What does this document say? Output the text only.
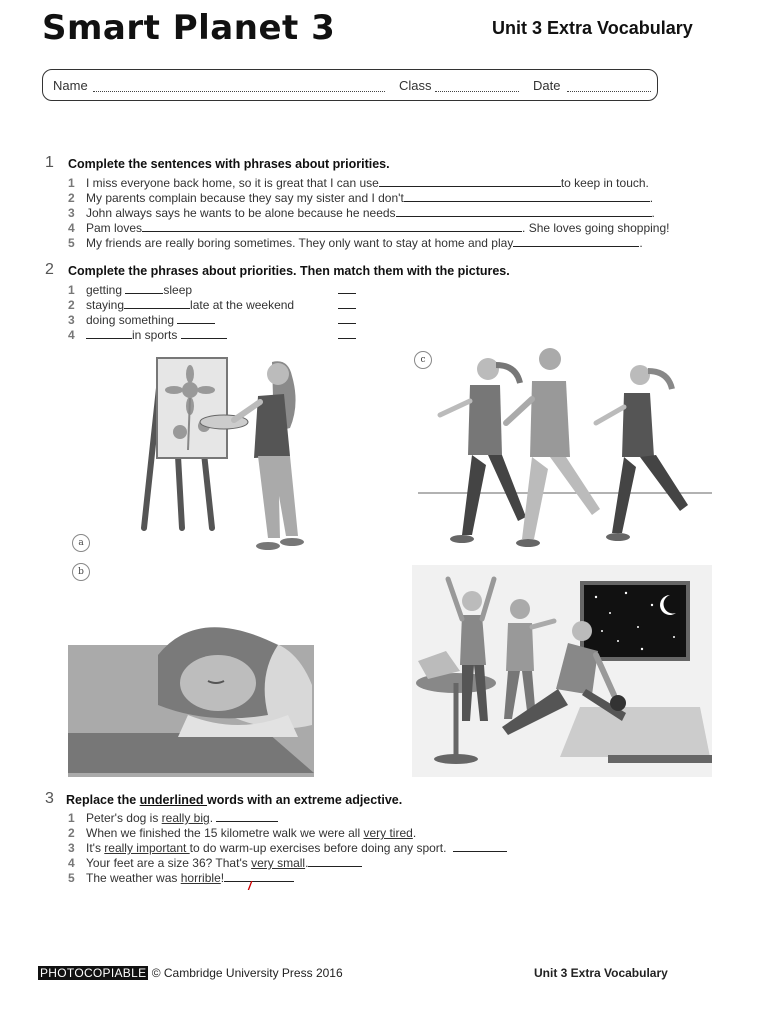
Smart Planet 3	Unit 3 Extra Vocabulary
Name	Class	Date
1 Complete the sentences with phrases about priorities.
1 I miss everyone back home, so it is great that I can use	to keep in touch.
2 My parents complain because they say my sister and I don't	.
3 John always says he wants to be alone because he needs	.
4 Pam loves	. She loves going shopping!
5 My friends are really boring sometimes. They only want to stay at home and play	.
2 Complete the phrases about priorities. Then match them with the pictures.
1 getting	sleep
2 staying	late at the weekend
3 doing something
4	in sports
a
b
c
3 Replace the underlined words with an extreme adjective.
1 Peter's dog is really big.
2 When we finished the 15 kilometre walk we were all very tired.
3 It's really important to do warm-up exercises before doing any sport.
4 Your feet are a size 36? That's very small.
5 The weather was horrible!
/
PHOTOCOPIABLE © Cambridge University Press 2016	Unit 3 Extra Vocabulary
